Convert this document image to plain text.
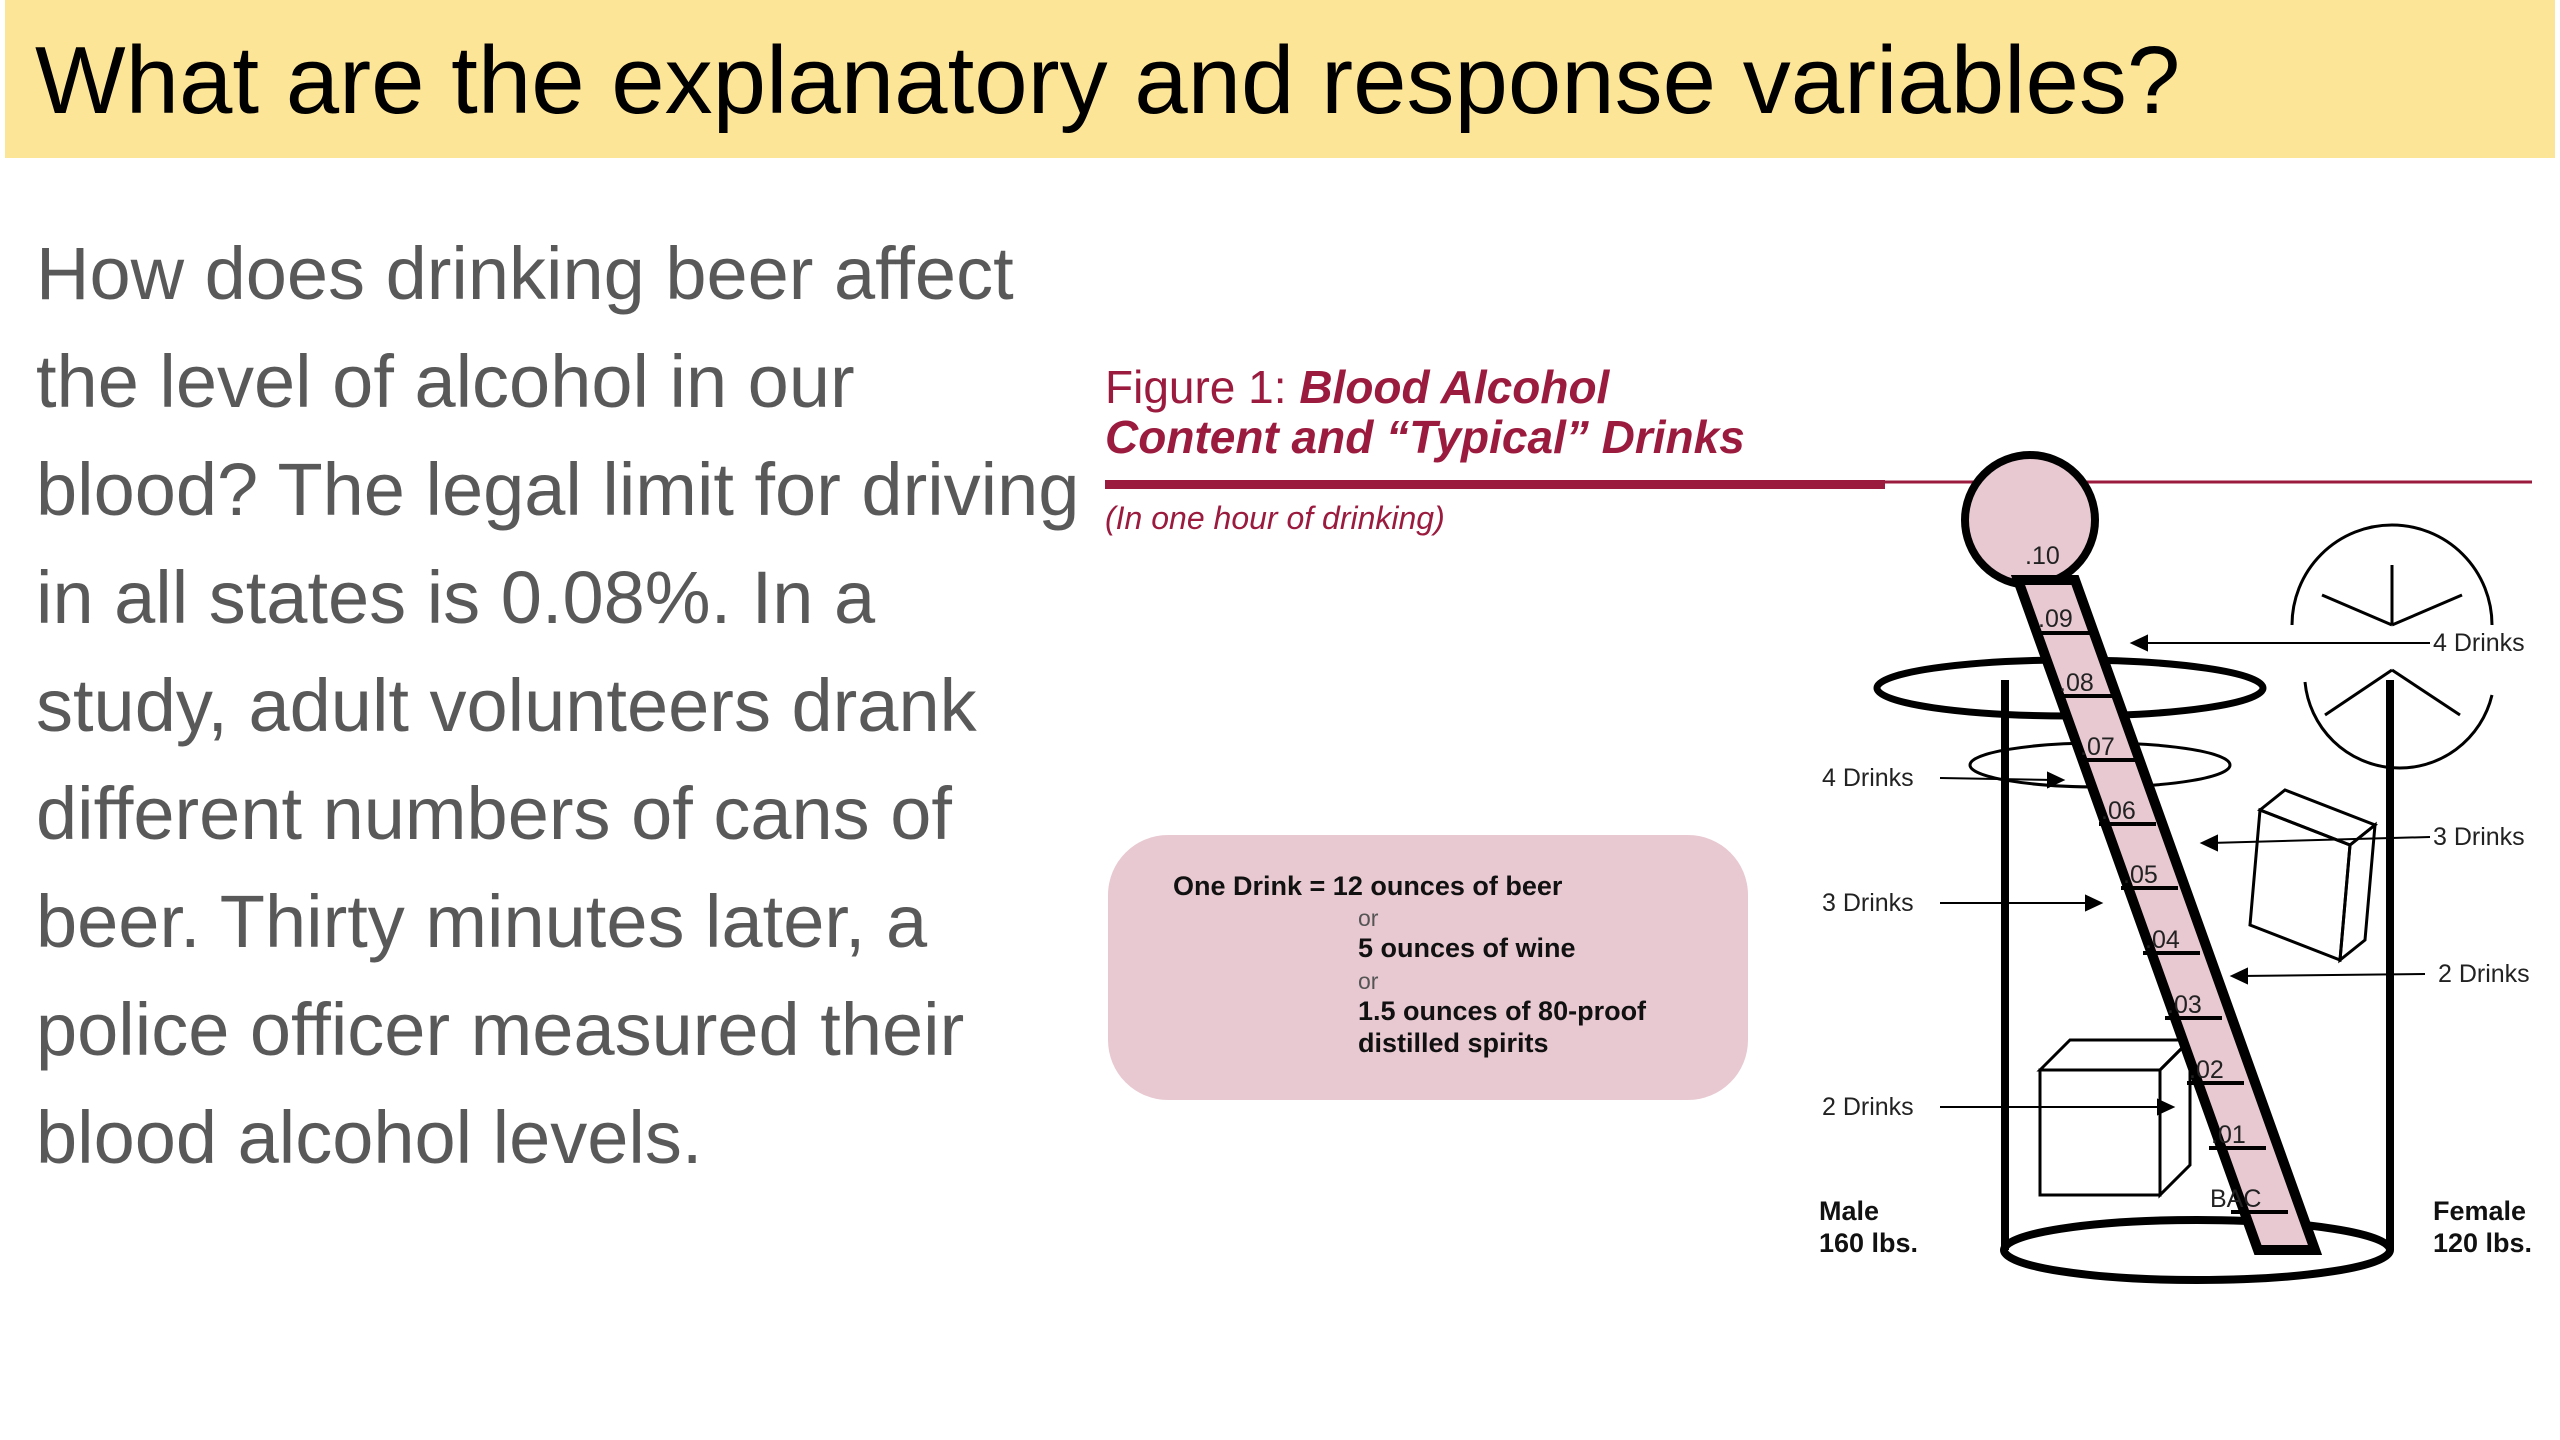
What are the explanatory and response variables?
How does drinking beer affect the level of alcohol in our blood? The legal limit for driving in all states is 0.08%. In a study, adult volunteers drank different numbers of cans of beer. Thirty minutes later, a police officer measured their blood alcohol levels.
Figure 1: Blood Alcohol
Content and “Typical” Drinks
(In one hour of drinking)
One Drink = 12 ounces of beer
or
5 ounces of wine
or
1.5 ounces of 80-proof
distilled spirits
.10
.09
.08
.07
.06
.05
.04
.03
.02
.01
BAC
4 Drinks
3 Drinks
2 Drinks
4 Drinks
3 Drinks
2 Drinks
Male
160 lbs.
Female
120 lbs.
